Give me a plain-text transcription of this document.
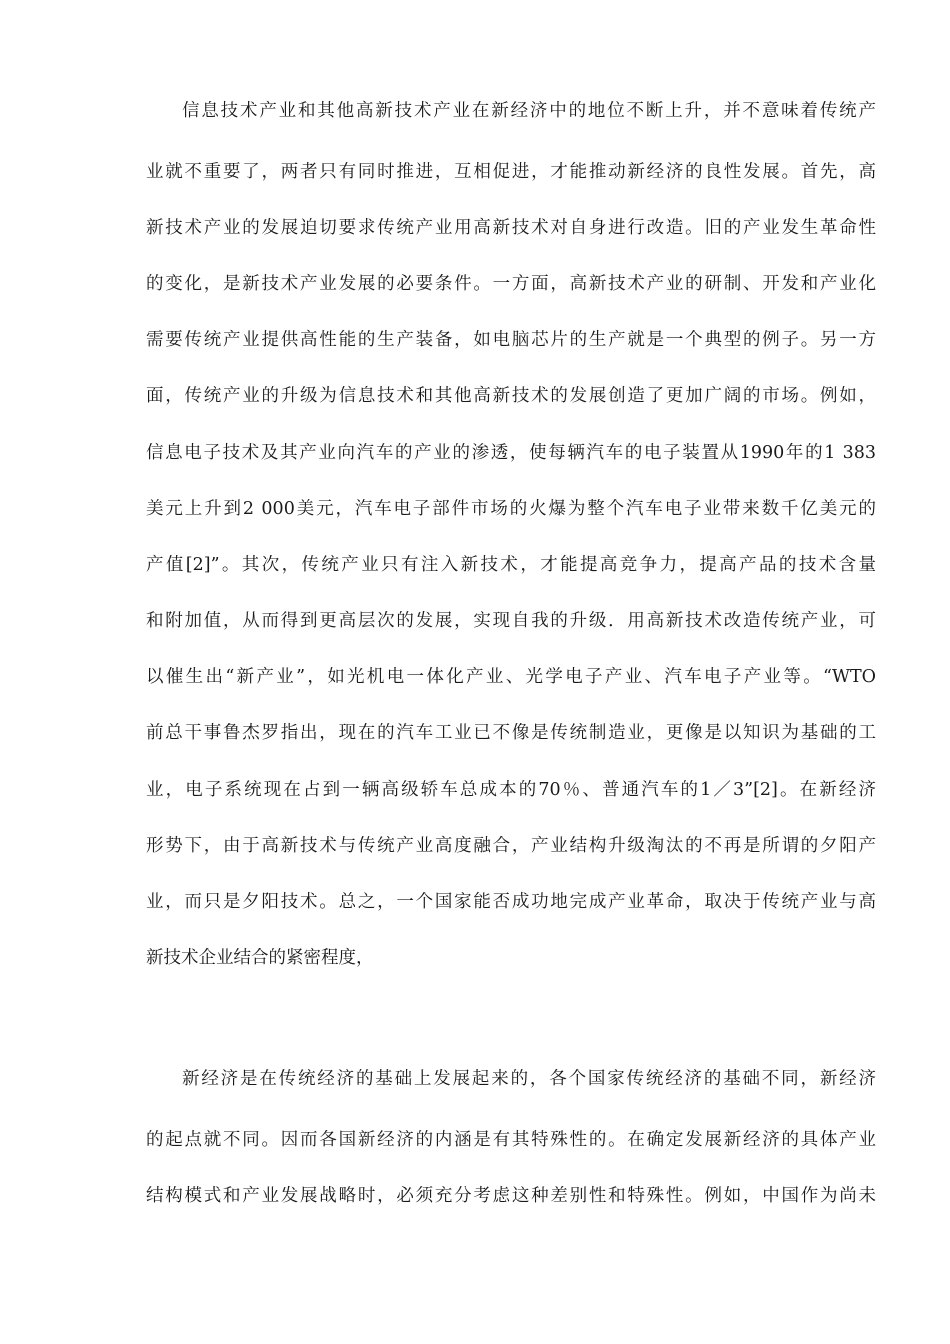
信息技术产业和其他高新技术产业在新经济中的地位不断上升，并不意味着传统产
业就不重要了，两者只有同时推进，互相促进，才能推动新经济的良性发展。首先，高
新技术产业的发展迫切要求传统产业用高新技术对自身进行改造。旧的产业发生革命性
的变化，是新技术产业发展的必要条件。一方面，高新技术产业的研制、开发和产业化
需要传统产业提供高性能的生产装备，如电脑芯片的生产就是一个典型的例子。另一方
面，传统产业的升级为信息技术和其他高新技术的发展创造了更加广阔的市场。例如，
信息电子技术及其产业向汽车的产业的渗透，使每辆汽车的电子装置从1990年的1 383
美元上升到2 000美元，汽车电子部件市场的火爆为整个汽车电子业带来数千亿美元的
产值[2]”。其次，传统产业只有注入新技术，才能提高竞争力，提高产品的技术含量
和附加值，从而得到更高层次的发展，实现自我的升级．用高新技术改造传统产业，可
以催生出“新产业”，如光机电一体化产业、光学电子产业、汽车电子产业等。“WTO
前总干事鲁杰罗指出，现在的汽车工业已不像是传统制造业，更像是以知识为基础的工
业，电子系统现在占到一辆高级轿车总成本的70％、普通汽车的1／3”[2]。在新经济
形势下，由于高新技术与传统产业高度融合，产业结构升级淘汰的不再是所谓的夕阳产
业，而只是夕阳技术。总之，一个国家能否成功地完成产业革命，取决于传统产业与高
新技术企业结合的紧密程度，
新经济是在传统经济的基础上发展起来的，各个国家传统经济的基础不同，新经济
的起点就不同。因而各国新经济的内涵是有其特殊性的。在确定发展新经济的具体产业
结构模式和产业发展战略时，必须充分考虑这种差别性和特殊性。例如，中国作为尚未
